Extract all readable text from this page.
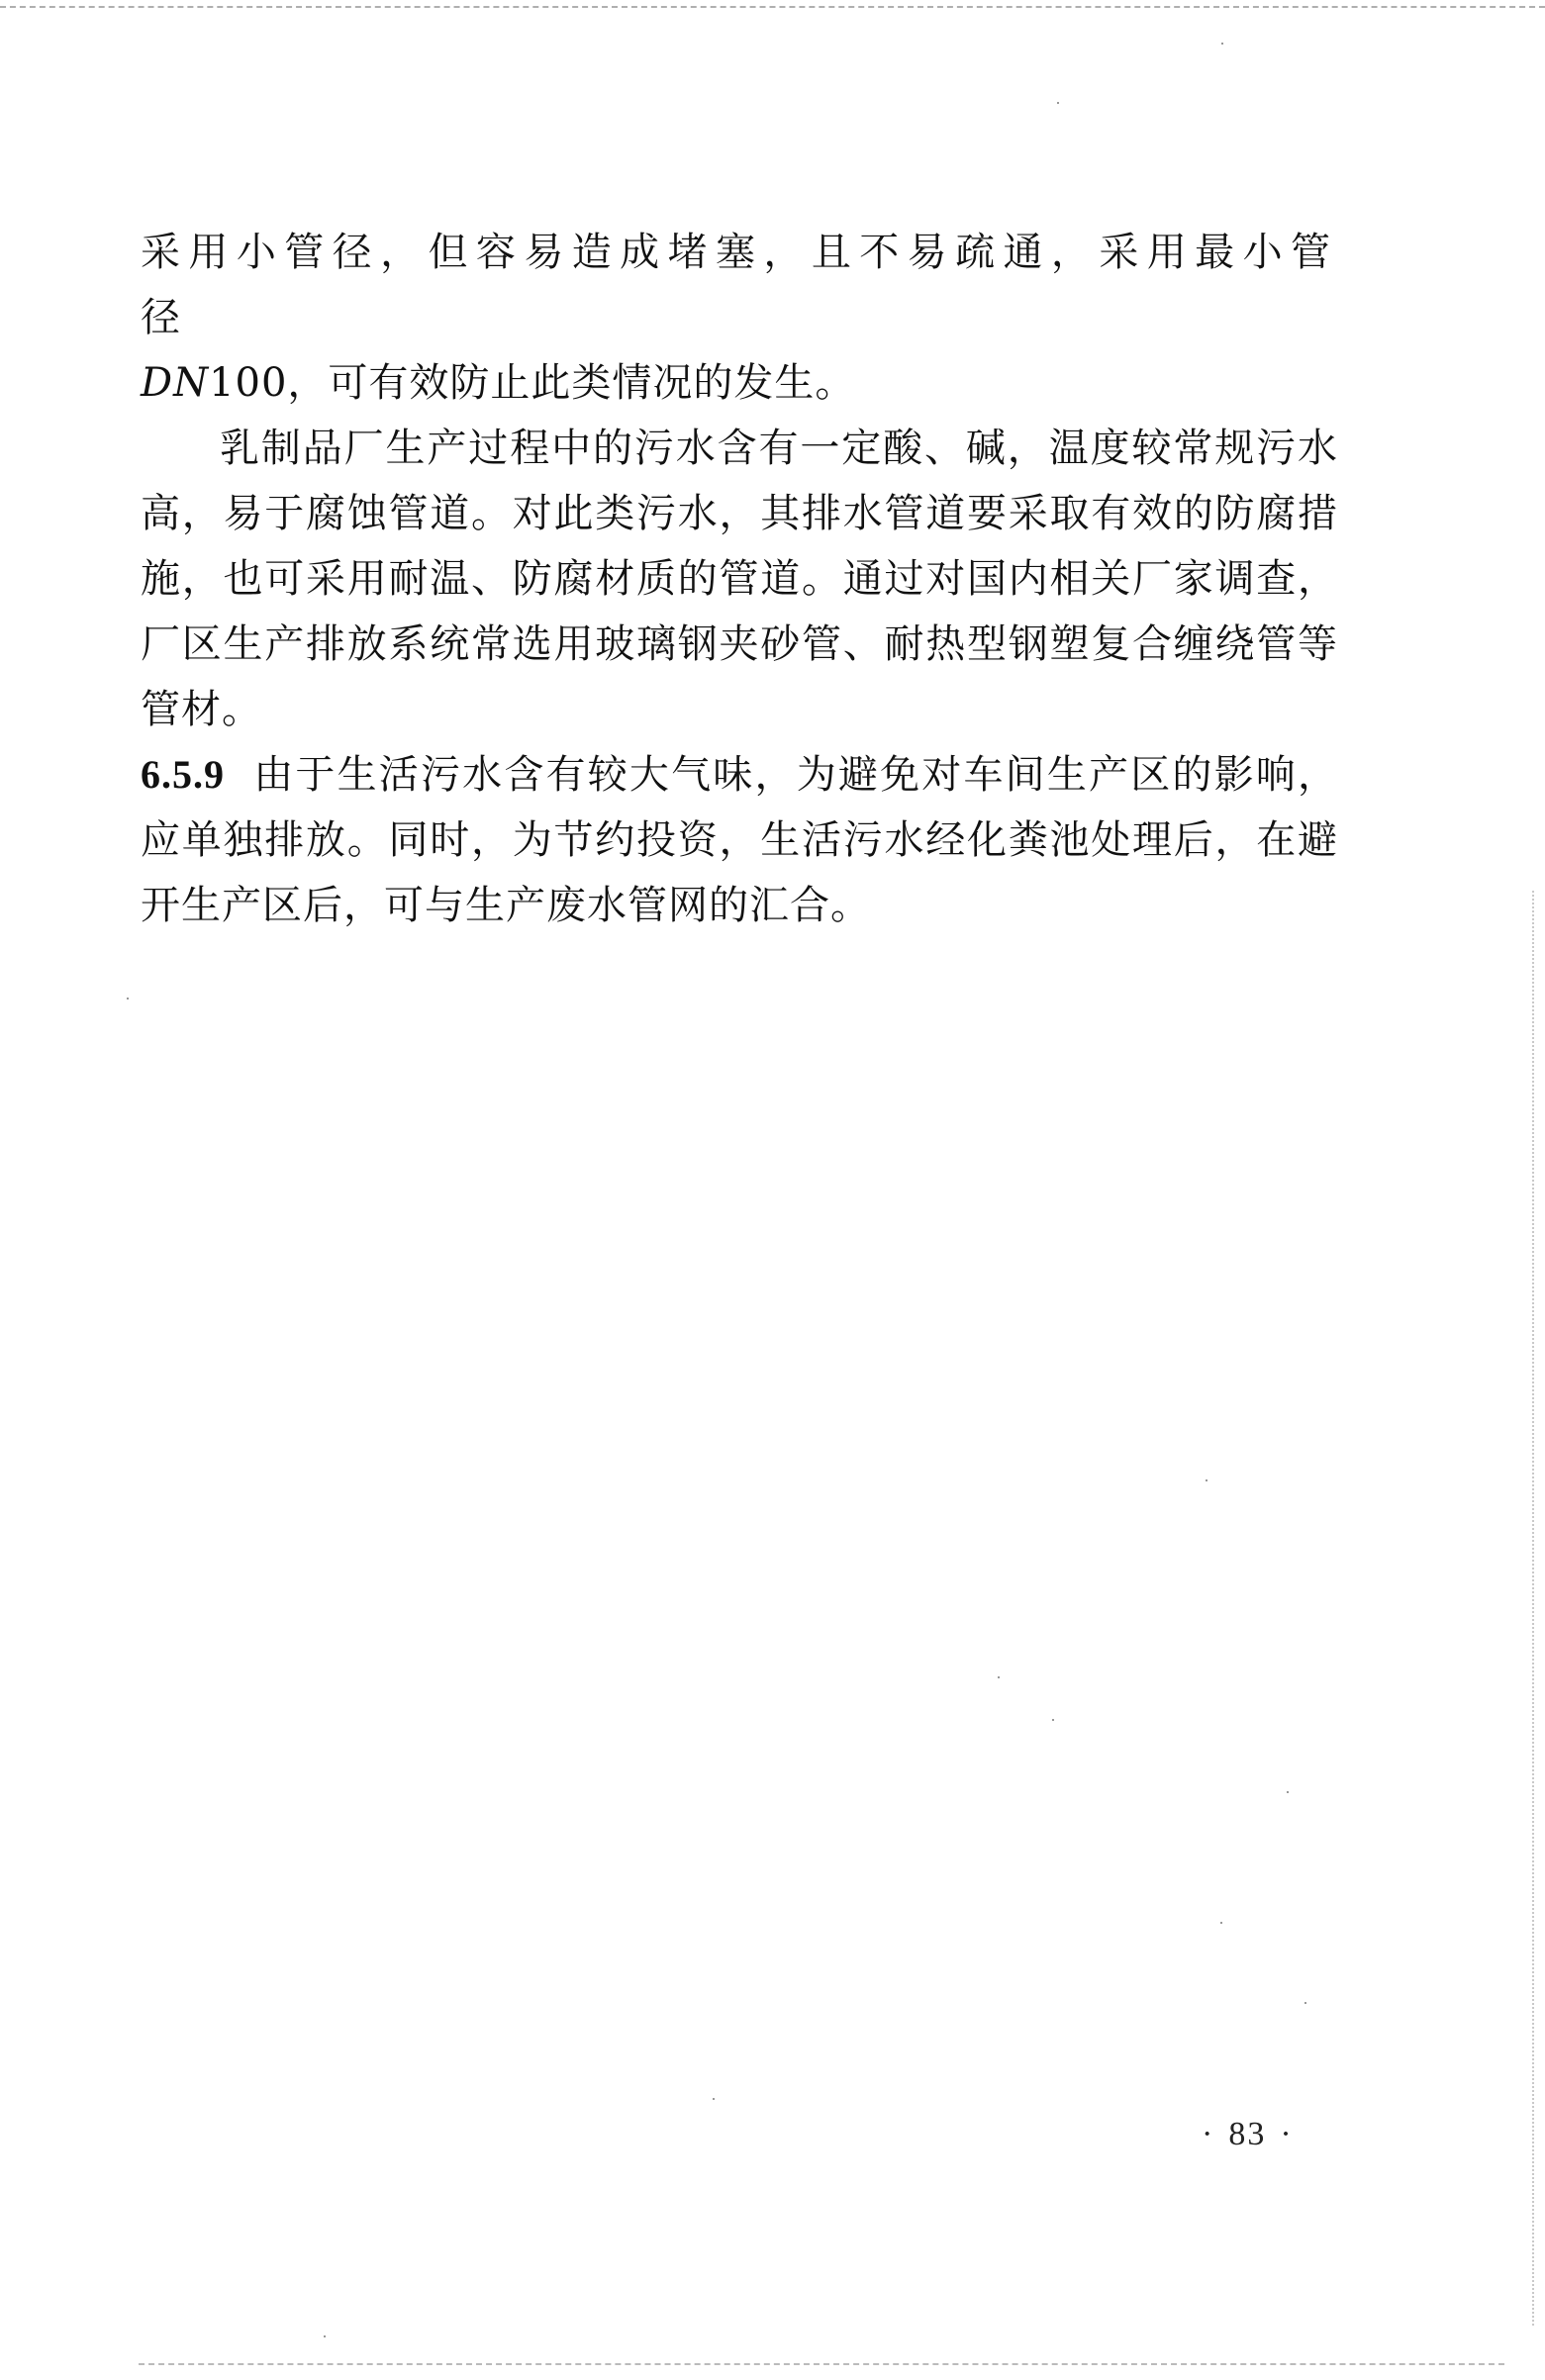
采用小管径，但容易造成堵塞，且不易疏通，采用最小管径
DN100，可有效防止此类情况的发生。

乳制品厂生产过程中的污水含有一定酸、碱，温度较常规污水高，易于腐蚀管道。对此类污水，其排水管道要采取有效的防腐措施，也可采用耐温、防腐材质的管道。通过对国内相关厂家调查，厂区生产排放系统常选用玻璃钢夹砂管、耐热型钢塑复合缠绕管等管材。

6.5.9 由于生活污水含有较大气味，为避免对车间生产区的影响，应单独排放。同时，为节约投资，生活污水经化粪池处理后，在避开生产区后，可与生产废水管网的汇合。

· 83 ·
